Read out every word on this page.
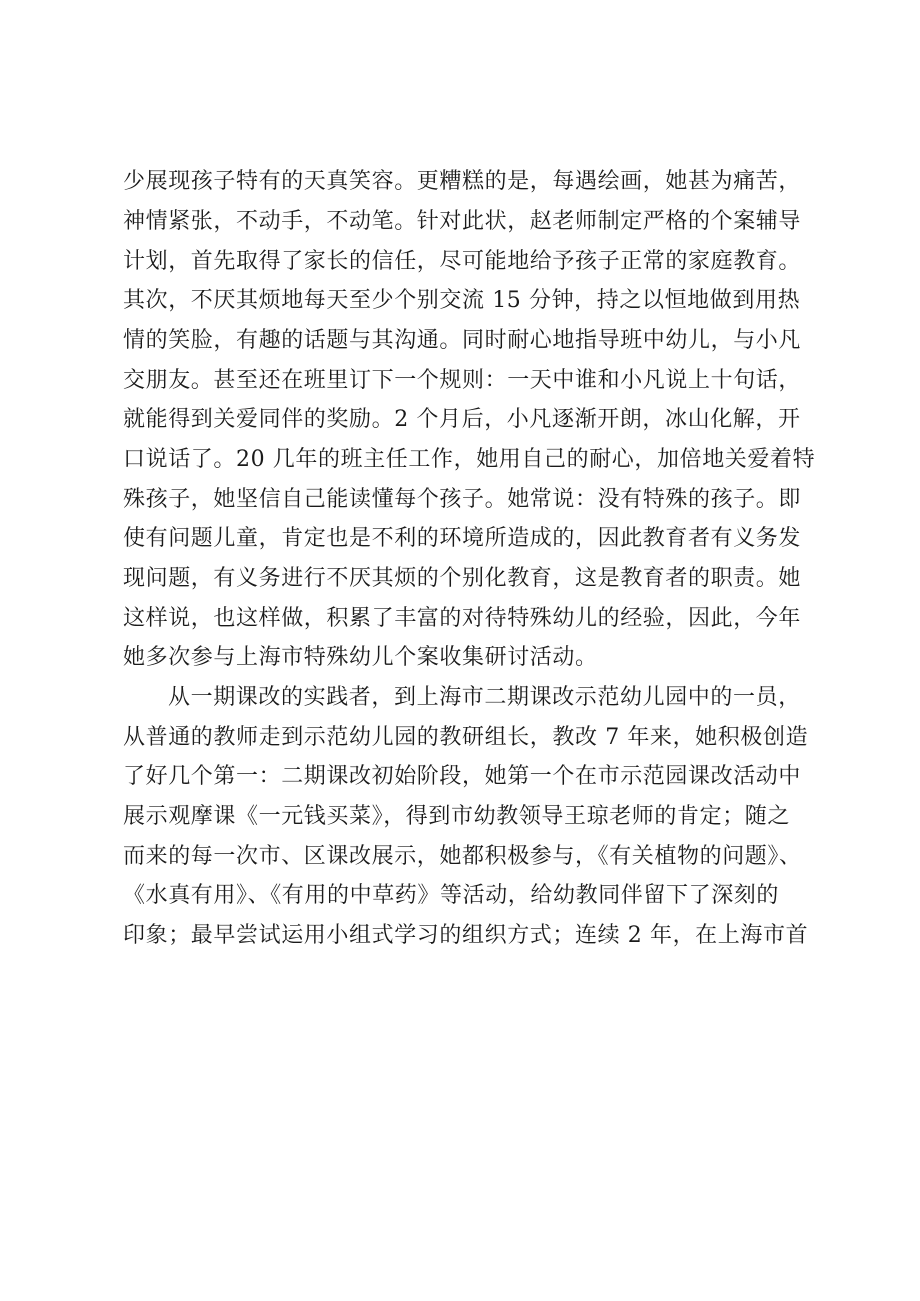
少展现孩子特有的天真笑容。更糟糕的是，每遇绘画，她甚为痛苦，
神情紧张，不动手，不动笔。针对此状，赵老师制定严格的个案辅导
计划，首先取得了家长的信任，尽可能地给予孩子正常的家庭教育。
其次，不厌其烦地每天至少个别交流 15 分钟，持之以恒地做到用热
情的笑脸，有趣的话题与其沟通。同时耐心地指导班中幼儿，与小凡
交朋友。甚至还在班里订下一个规则：一天中谁和小凡说上十句话，
就能得到关爱同伴的奖励。2 个月后，小凡逐渐开朗，冰山化解，开
口说话了。20 几年的班主任工作，她用自己的耐心，加倍地关爱着特
殊孩子，她坚信自己能读懂每个孩子。她常说：没有特殊的孩子。即
使有问题儿童，肯定也是不利的环境所造成的，因此教育者有义务发
现问题，有义务进行不厌其烦的个别化教育，这是教育者的职责。她
这样说，也这样做，积累了丰富的对待特殊幼儿的经验，因此，今年
她多次参与上海市特殊幼儿个案收集研讨活动。
从一期课改的实践者，到上海市二期课改示范幼儿园中的一员，
从普通的教师走到示范幼儿园的教研组长，教改 7 年来，她积极创造
了好几个第一：二期课改初始阶段，她第一个在市示范园课改活动中
展示观摩课《一元钱买菜》，得到市幼教领导王琼老师的肯定；随之
而来的每一次市、区课改展示，她都积极参与，《有关植物的问题》、
《水真有用》、《有用的中草药》等活动，给幼教同伴留下了深刻的
印象；最早尝试运用小组式学习的组织方式；连续 2 年，在上海市首
